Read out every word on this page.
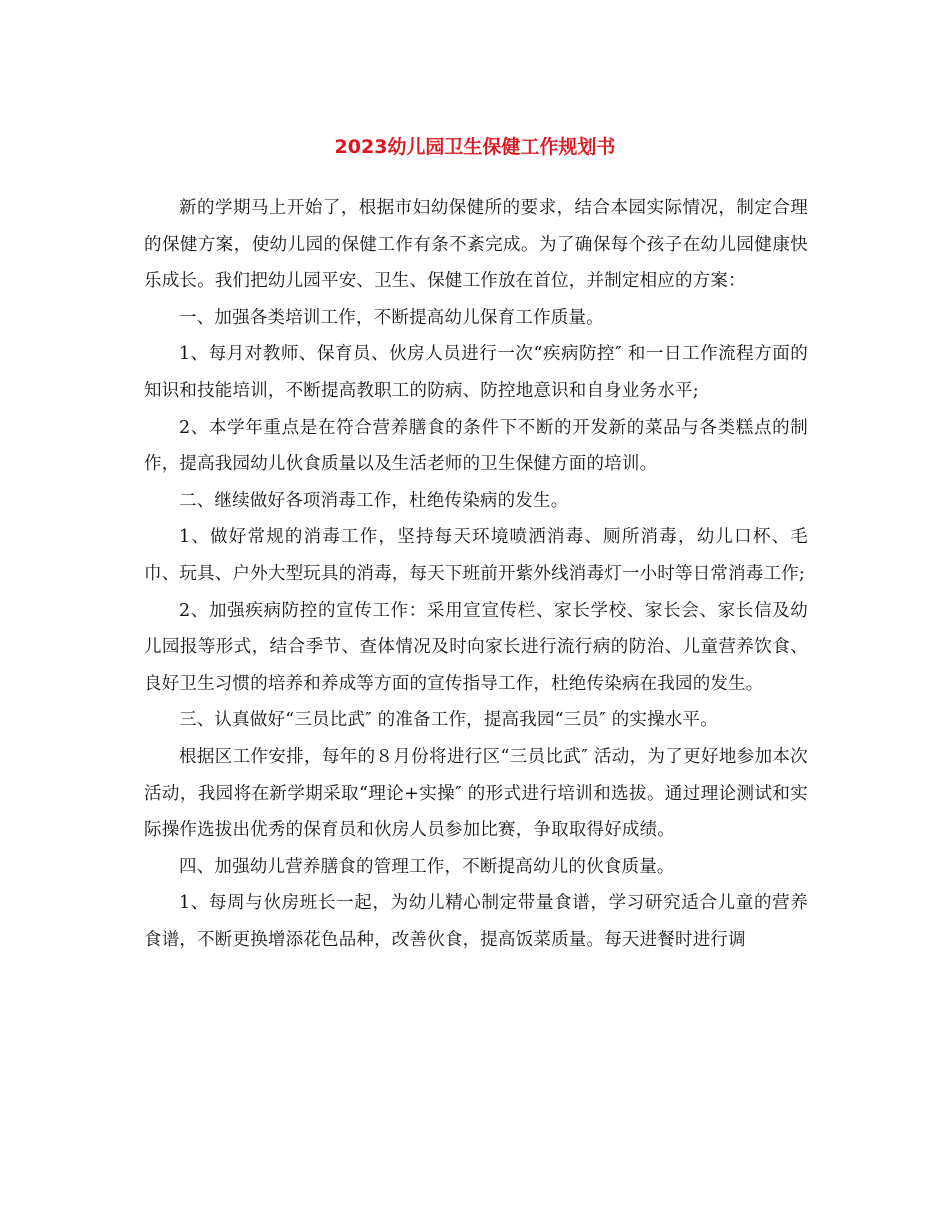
2023幼儿园卫生保健工作规划书

新的学期马上开始了，根据市妇幼保健所的要求，结合本园实际情况，制定合理的保健方案，使幼儿园的保健工作有条不紊完成。为了确保每个孩子在幼儿园健康快乐成长。我们把幼儿园平安、卫生、保健工作放在首位，并制定相应的方案：

一、加强各类培训工作，不断提高幼儿保育工作质量。

1、每月对教师、保育员、伙房人员进行一次“疾病防控″ 和一日工作流程方面的知识和技能培训，不断提高教职工的防病、防控地意识和自身业务水平;

2、本学年重点是在符合营养膳食的条件下不断的开发新的菜品与各类糕点的制作，提高我园幼儿伙食质量以及生活老师的卫生保健方面的培训。

二、继续做好各项消毒工作，杜绝传染病的发生。

1、做好常规的消毒工作，坚持每天环境喷洒消毒、厕所消毒，幼儿口杯、毛巾、玩具、户外大型玩具的消毒，每天下班前开紫外线消毒灯一小时等日常消毒工作;

2、加强疾病防控的宣传工作：采用宣宣传栏、家长学校、家长会、家长信及幼儿园报等形式，结合季节、查体情况及时向家长进行流行病的防治、儿童营养饮食、良好卫生习惯的培养和养成等方面的宣传指导工作，杜绝传染病在我园的发生。

三、认真做好“三员比武″ 的准备工作，提高我园“三员″ 的实操水平。

根据区工作安排，每年的８月份将进行区“三员比武″ 活动，为了更好地参加本次活动，我园将在新学期采取“理论+实操″ 的形式进行培训和选拔。通过理论测试和实际操作选拔出优秀的保育员和伙房人员参加比赛，争取取得好成绩。

四、加强幼儿营养膳食的管理工作，不断提高幼儿的伙食质量。

1、每周与伙房班长一起，为幼儿精心制定带量食谱，学习研究适合儿童的营养食谱，不断更换增添花色品种，改善伙食，提高饭菜质量。每天进餐时进行调
